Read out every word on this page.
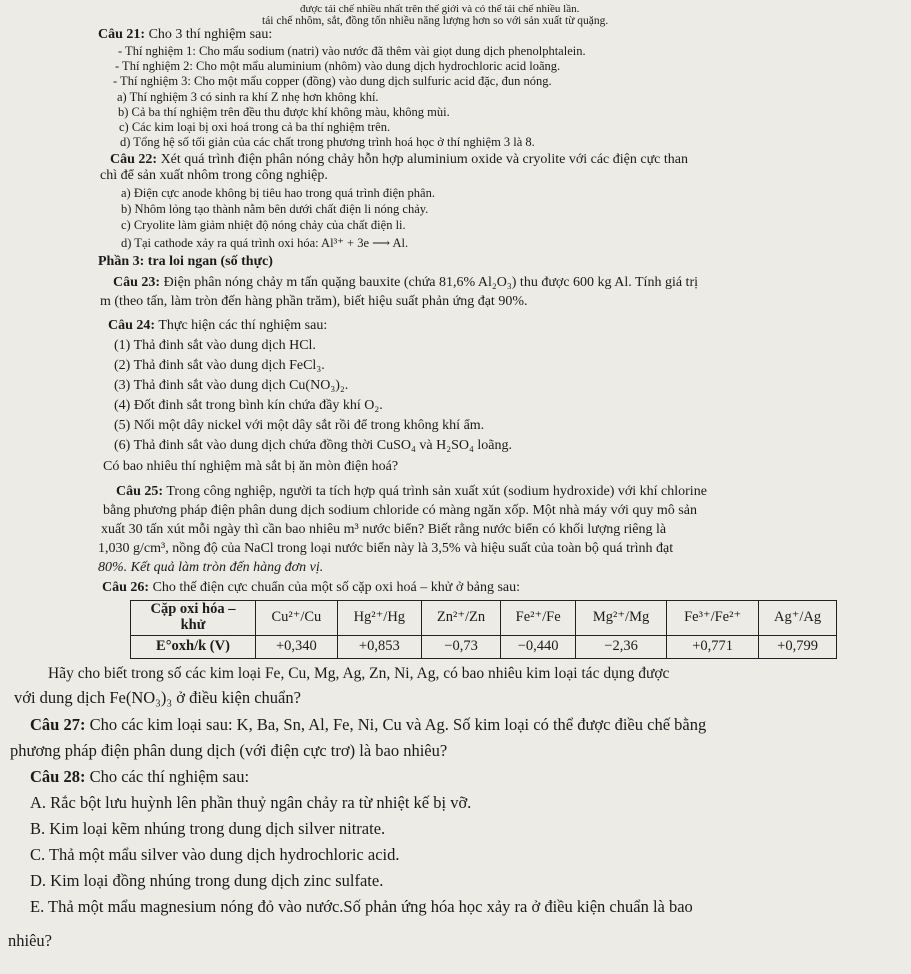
được tái chế nhiều nhất trên thế giới và có thể tái chế nhiều lần.
tái chế nhôm, sắt, đồng tốn nhiều năng lượng hơn so với sản xuất từ quặng.
Câu 21: Cho 3 thí nghiệm sau:
- Thí nghiệm 1: Cho mẩu sodium (natri) vào nước đã thêm vài giọt dung dịch phenolphtalein.
- Thí nghiệm 2: Cho một mẩu aluminium (nhôm) vào dung dịch hydrochloric acid loãng.
- Thí nghiệm 3: Cho một mẩu copper (đồng) vào dung dịch sulfuric acid đặc, đun nóng.
a) Thí nghiệm 3 có sinh ra khí Z nhẹ hơn không khí.
b) Cả ba thí nghiệm trên đều thu được khí không màu, không mùi.
c) Các kim loại bị oxi hoá trong cả ba thí nghiệm trên.
d) Tổng hệ số tối giản của các chất trong phương trình hoá học ở thí nghiệm 3 là 8.
Câu 22: Xét quá trình điện phân nóng chảy hỗn hợp aluminium oxide và cryolite với các điện cực than
chì để sản xuất nhôm trong công nghiệp.
a) Điện cực anode không bị tiêu hao trong quá trình điện phân.
b) Nhôm lỏng tạo thành nằm bên dưới chất điện li nóng chảy.
c) Cryolite làm giảm nhiệt độ nóng chảy của chất điện li.
d) Tại cathode xảy ra quá trình oxi hóa: Al³⁺ + 3e ⟶ Al.
Phần 3: tra loi ngan (số thực)
Câu 23: Điện phân nóng chảy m tấn quặng bauxite (chứa 81,6% Al₂O₃) thu được 600 kg Al. Tính giá trị
m (theo tấn, làm tròn đến hàng phần trăm), biết hiệu suất phản ứng đạt 90%.
Câu 24: Thực hiện các thí nghiệm sau:
(1) Thả đinh sắt vào dung dịch HCl.
(2) Thả đinh sắt vào dung dịch FeCl₃.
(3) Thả đinh sắt vào dung dịch Cu(NO₃)₂.
(4) Đốt đinh sắt trong bình kín chứa đầy khí O₂.
(5) Nối một dây nickel với một dây sắt rồi để trong không khí ẩm.
(6) Thả đinh sắt vào dung dịch chứa đồng thời CuSO₄ và H₂SO₄ loãng.
Có bao nhiêu thí nghiệm mà sắt bị ăn mòn điện hoá?
Câu 25: Trong công nghiệp, người ta tích hợp quá trình sản xuất xút (sodium hydroxide) với khí chlorine
bằng phương pháp điện phân dung dịch sodium chloride có màng ngăn xốp. Một nhà máy với quy mô sản
xuất 30 tấn xút mỗi ngày thì cần bao nhiêu m³ nước biển? Biết rằng nước biển có khối lượng riêng là
1,030 g/cm³, nồng độ của NaCl trong loại nước biển này là 3,5% và hiệu suất của toàn bộ quá trình đạt
80%. Kết quả làm tròn đến hàng đơn vị.
Câu 26: Cho thế điện cực chuẩn của một số cặp oxi hoá – khử ở bảng sau:
Cặp oxi hóa –
khử	Cu²⁺/Cu	Hg²⁺/Hg	Zn²⁺/Zn	Fe²⁺/Fe	Mg²⁺/Mg	Fe³⁺/Fe²⁺	Ag⁺/Ag
E°oxh/k (V)	+0,340	+0,853	−0,73	−0,440	−2,36	+0,771	+0,799
Hãy cho biết trong số các kim loại Fe, Cu, Mg, Ag, Zn, Ni, Ag, có bao nhiêu kim loại tác dụng được
với dung dịch Fe(NO₃)₃ ở điều kiện chuẩn?
Câu 27: Cho các kim loại sau: K, Ba, Sn, Al, Fe, Ni, Cu và Ag. Số kim loại có thể được điều chế bằng
phương pháp điện phân dung dịch (với điện cực trơ) là bao nhiêu?
Câu 28: Cho các thí nghiệm sau:
A. Rắc bột lưu huỳnh lên phần thuỷ ngân chảy ra từ nhiệt kế bị vỡ.
B. Kim loại kẽm nhúng trong dung dịch silver nitrate.
C. Thả một mẩu silver vào dung dịch hydrochloric acid.
D. Kim loại đồng nhúng trong dung dịch zinc sulfate.
E. Thả một mẩu magnesium nóng đỏ vào nước.Số phản ứng hóa học xảy ra ở điều kiện chuẩn là bao
nhiêu?
